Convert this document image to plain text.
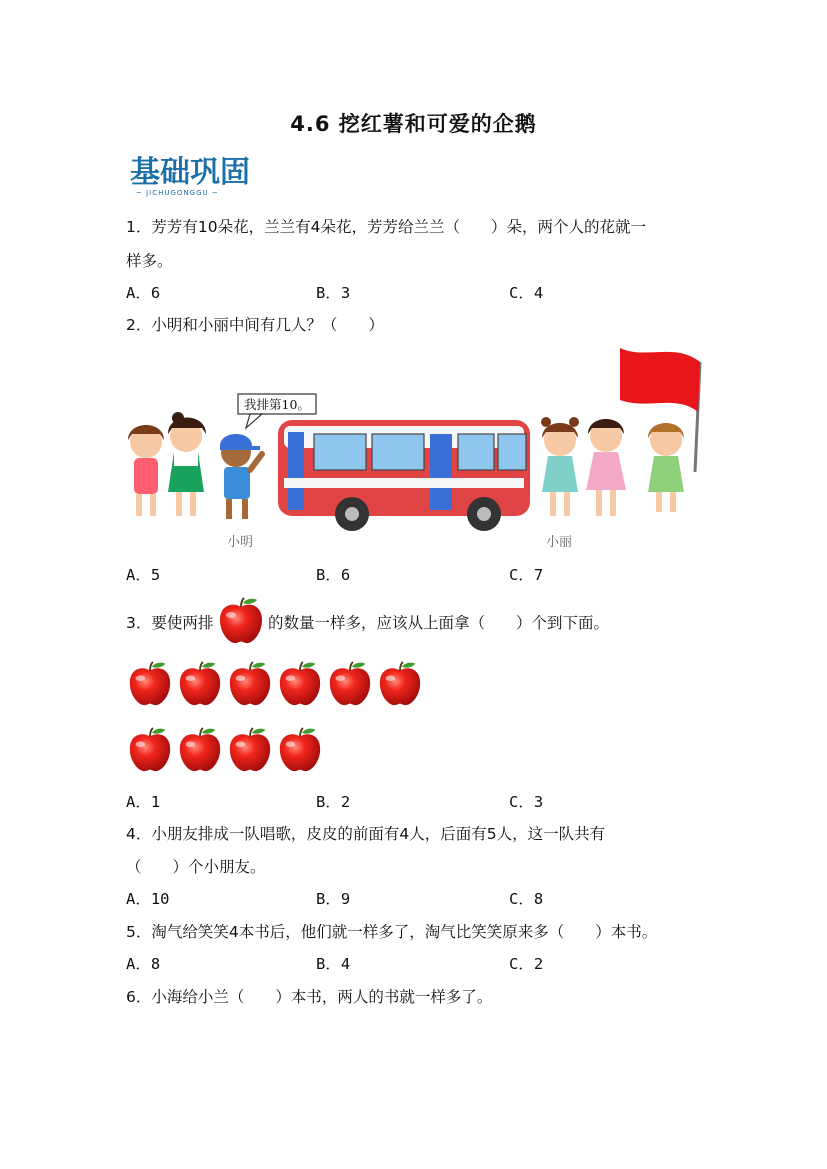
4.6 挖红薯和可爱的企鹅
基础巩固
~ JICHUGONGGU ~
1．芳芳有10朵花，兰兰有4朵花，芳芳给兰兰（　　）朵，两个人的花就一
样多。
A．6	B．3	C．4
2．小明和小丽中间有几人？（　　）
我排第10。
小明	小丽
A．5	B．6	C．7
3．要使两排	的数量一样多，应该从上面拿（　　）个到下面。
A．1	B．2	C．3
4．小朋友排成一队唱歌，皮皮的前面有4人，后面有5人，这一队共有
（　　）个小朋友。
A．10	B．9	C．8
5．淘气给笑笑4本书后，他们就一样多了，淘气比笑笑原来多（　　）本书。
A．8	B．4	C．2
6．小海给小兰（　　）本书，两人的书就一样多了。
